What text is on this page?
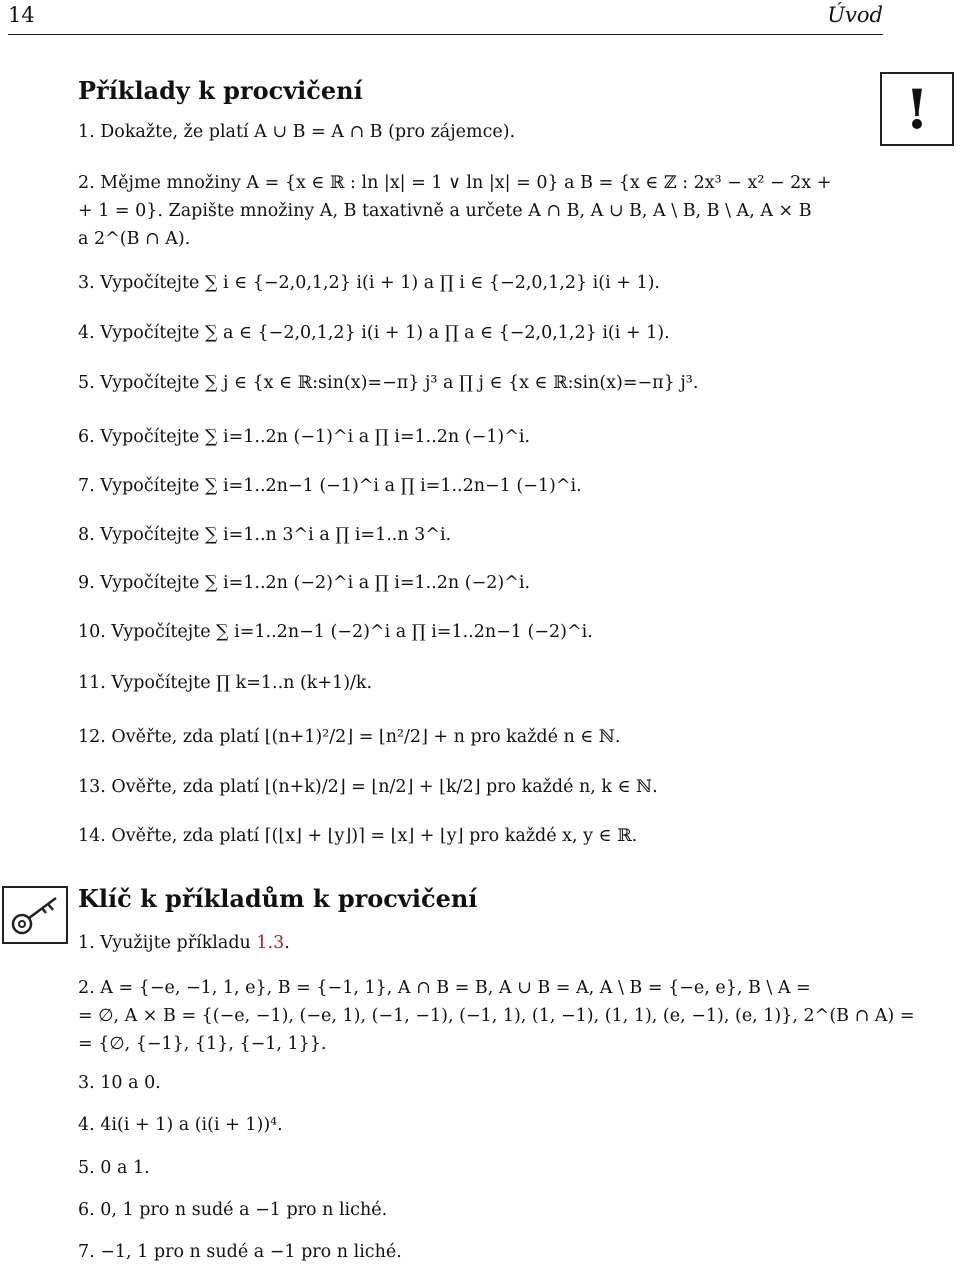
14	Úvod
Příklady k procvičení	!
1. Dokažte, že platí A ∪ B = A ∩ B (pro zájemce).
2. Mějme množiny A = {x ∈ ℝ : ln |x| = 1 ∨ ln |x| = 0} a B = {x ∈ ℤ : 2x³ − x² − 2x +
+ 1 = 0}. Zapište množiny A, B taxativně a určete A ∩ B, A ∪ B, A \ B, B \ A, A × B
a 2^(B ∩ A).
3. Vypočítejte ∑ i ∈ {−2,0,1,2} i(i + 1) a ∏ i ∈ {−2,0,1,2} i(i + 1).
4. Vypočítejte ∑ a ∈ {−2,0,1,2} i(i + 1) a ∏ a ∈ {−2,0,1,2} i(i + 1).
5. Vypočítejte ∑ j ∈ {x ∈ ℝ:sin(x)=−π} j³ a ∏ j ∈ {x ∈ ℝ:sin(x)=−π} j³.
6. Vypočítejte ∑ i=1..2n (−1)^i a ∏ i=1..2n (−1)^i.
7. Vypočítejte ∑ i=1..2n−1 (−1)^i a ∏ i=1..2n−1 (−1)^i.
8. Vypočítejte ∑ i=1..n 3^i a ∏ i=1..n 3^i.
9. Vypočítejte ∑ i=1..2n (−2)^i a ∏ i=1..2n (−2)^i.
10. Vypočítejte ∑ i=1..2n−1 (−2)^i a ∏ i=1..2n−1 (−2)^i.
11. Vypočítejte ∏ k=1..n (k+1)/k.
12. Ověřte, zda platí ⌊(n+1)²/2⌋ = ⌊n²/2⌋ + n pro každé n ∈ ℕ.
13. Ověřte, zda platí ⌊(n+k)/2⌋ = ⌊n/2⌋ + ⌊k/2⌋ pro každé n, k ∈ ℕ.
14. Ověřte, zda platí ⌈(⌊x⌋ + ⌊y⌋)⌉ = ⌊x⌋ + ⌊y⌋ pro každé x, y ∈ ℝ.
Klíč k příkladům k procvičení
1. Využijte příkladu 1.3.
2. A = {−e, −1, 1, e}, B = {−1, 1}, A ∩ B = B, A ∪ B = A, A \ B = {−e, e}, B \ A =
= ∅, A × B = {(−e, −1), (−e, 1), (−1, −1), (−1, 1), (1, −1), (1, 1), (e, −1), (e, 1)}, 2^(B ∩ A) =
= {∅, {−1}, {1}, {−1, 1}}.
3. 10 a 0.
4. 4i(i + 1) a (i(i + 1))⁴.
5. 0 a 1.
6. 0, 1 pro n sudé a −1 pro n liché.
7. −1, 1 pro n sudé a −1 pro n liché.
